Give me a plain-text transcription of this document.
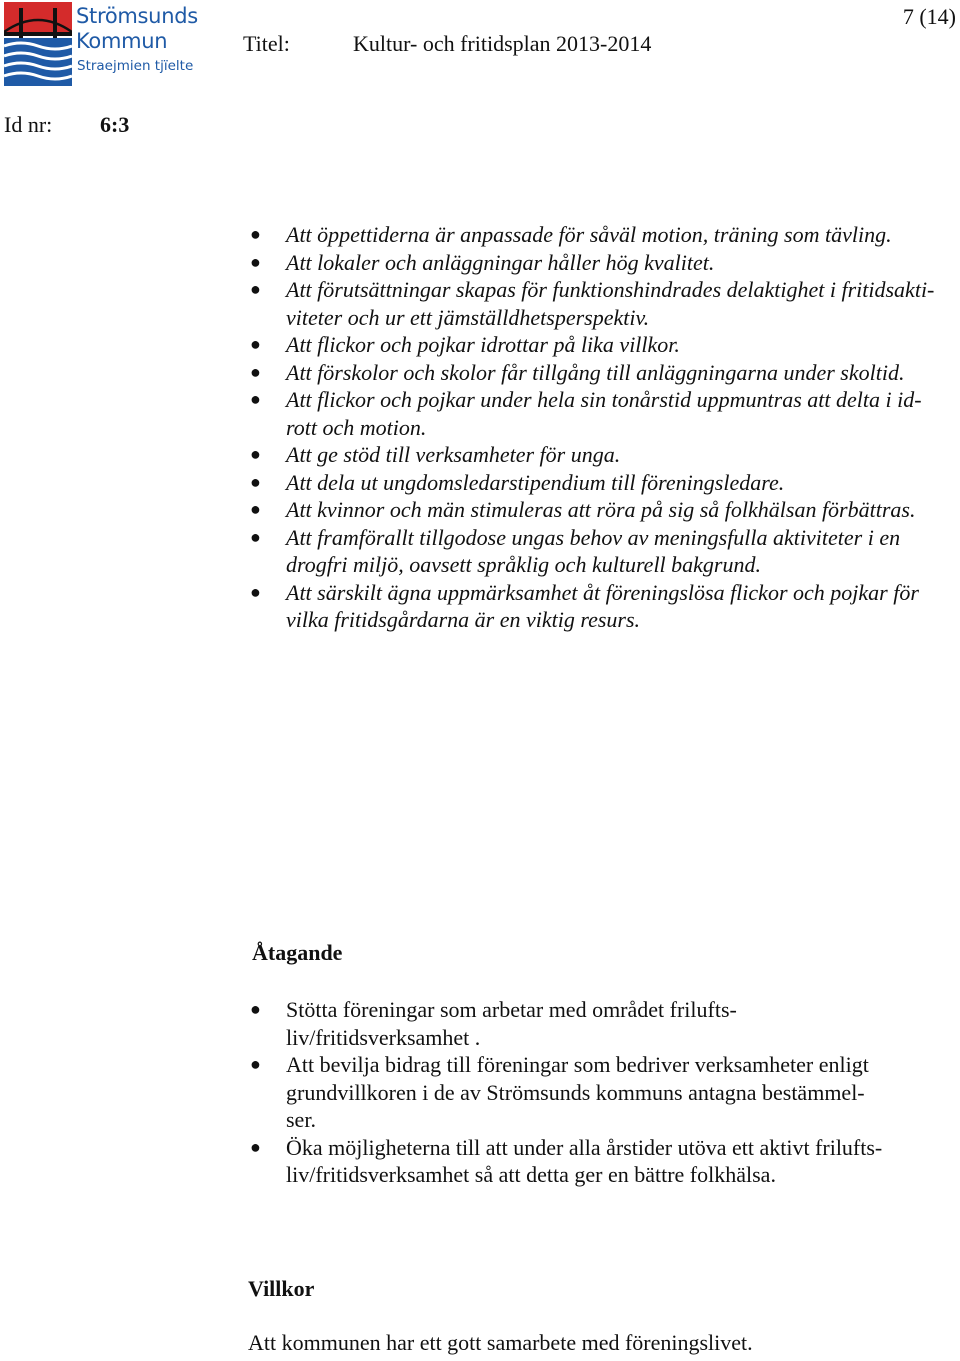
Strömsunds
Kommun
Straejmien tjïelte
Titel:	Kultur- och fritidsplan 2013-2014
7 (14)
Id nr: 6:3
● Att öppettiderna är anpassade för såväl motion, träning som tävling.
● Att lokaler och anläggningar håller hög kvalitet.
● Att förutsättningar skapas för funktionshindrades delaktighet i fritidsakti-
viteter och ur ett jämställdhetsperspektiv.
● Att flickor och pojkar idrottar på lika villkor.
● Att förskolor och skolor får tillgång till anläggningarna under skoltid.
● Att flickor och pojkar under hela sin tonårstid uppmuntras att delta i id-
rott och motion.
● Att ge stöd till verksamheter för unga.
● Att dela ut ungdomsledarstipendium till föreningsledare.
● Att kvinnor och män stimuleras att röra på sig så folkhälsan förbättras.
● Att framförallt tillgodose ungas behov av meningsfulla aktiviteter i en
drogfri miljö, oavsett språklig och kulturell bakgrund.
● Att särskilt ägna uppmärksamhet åt föreningslösa flickor och pojkar för
vilka fritidsgårdarna är en viktig resurs.
Åtagande
● Stötta föreningar som arbetar med området frilufts-
liv/fritidsverksamhet .
● Att bevilja bidrag till föreningar som bedriver verksamheter enligt
grundvillkoren i de av Strömsunds kommuns antagna bestämmel-
ser.
● Öka möjligheterna till att under alla årstider utöva ett aktivt frilufts-
liv/fritidsverksamhet så att detta ger en bättre folkhälsa.
Villkor
Att kommunen har ett gott samarbete med föreningslivet.
